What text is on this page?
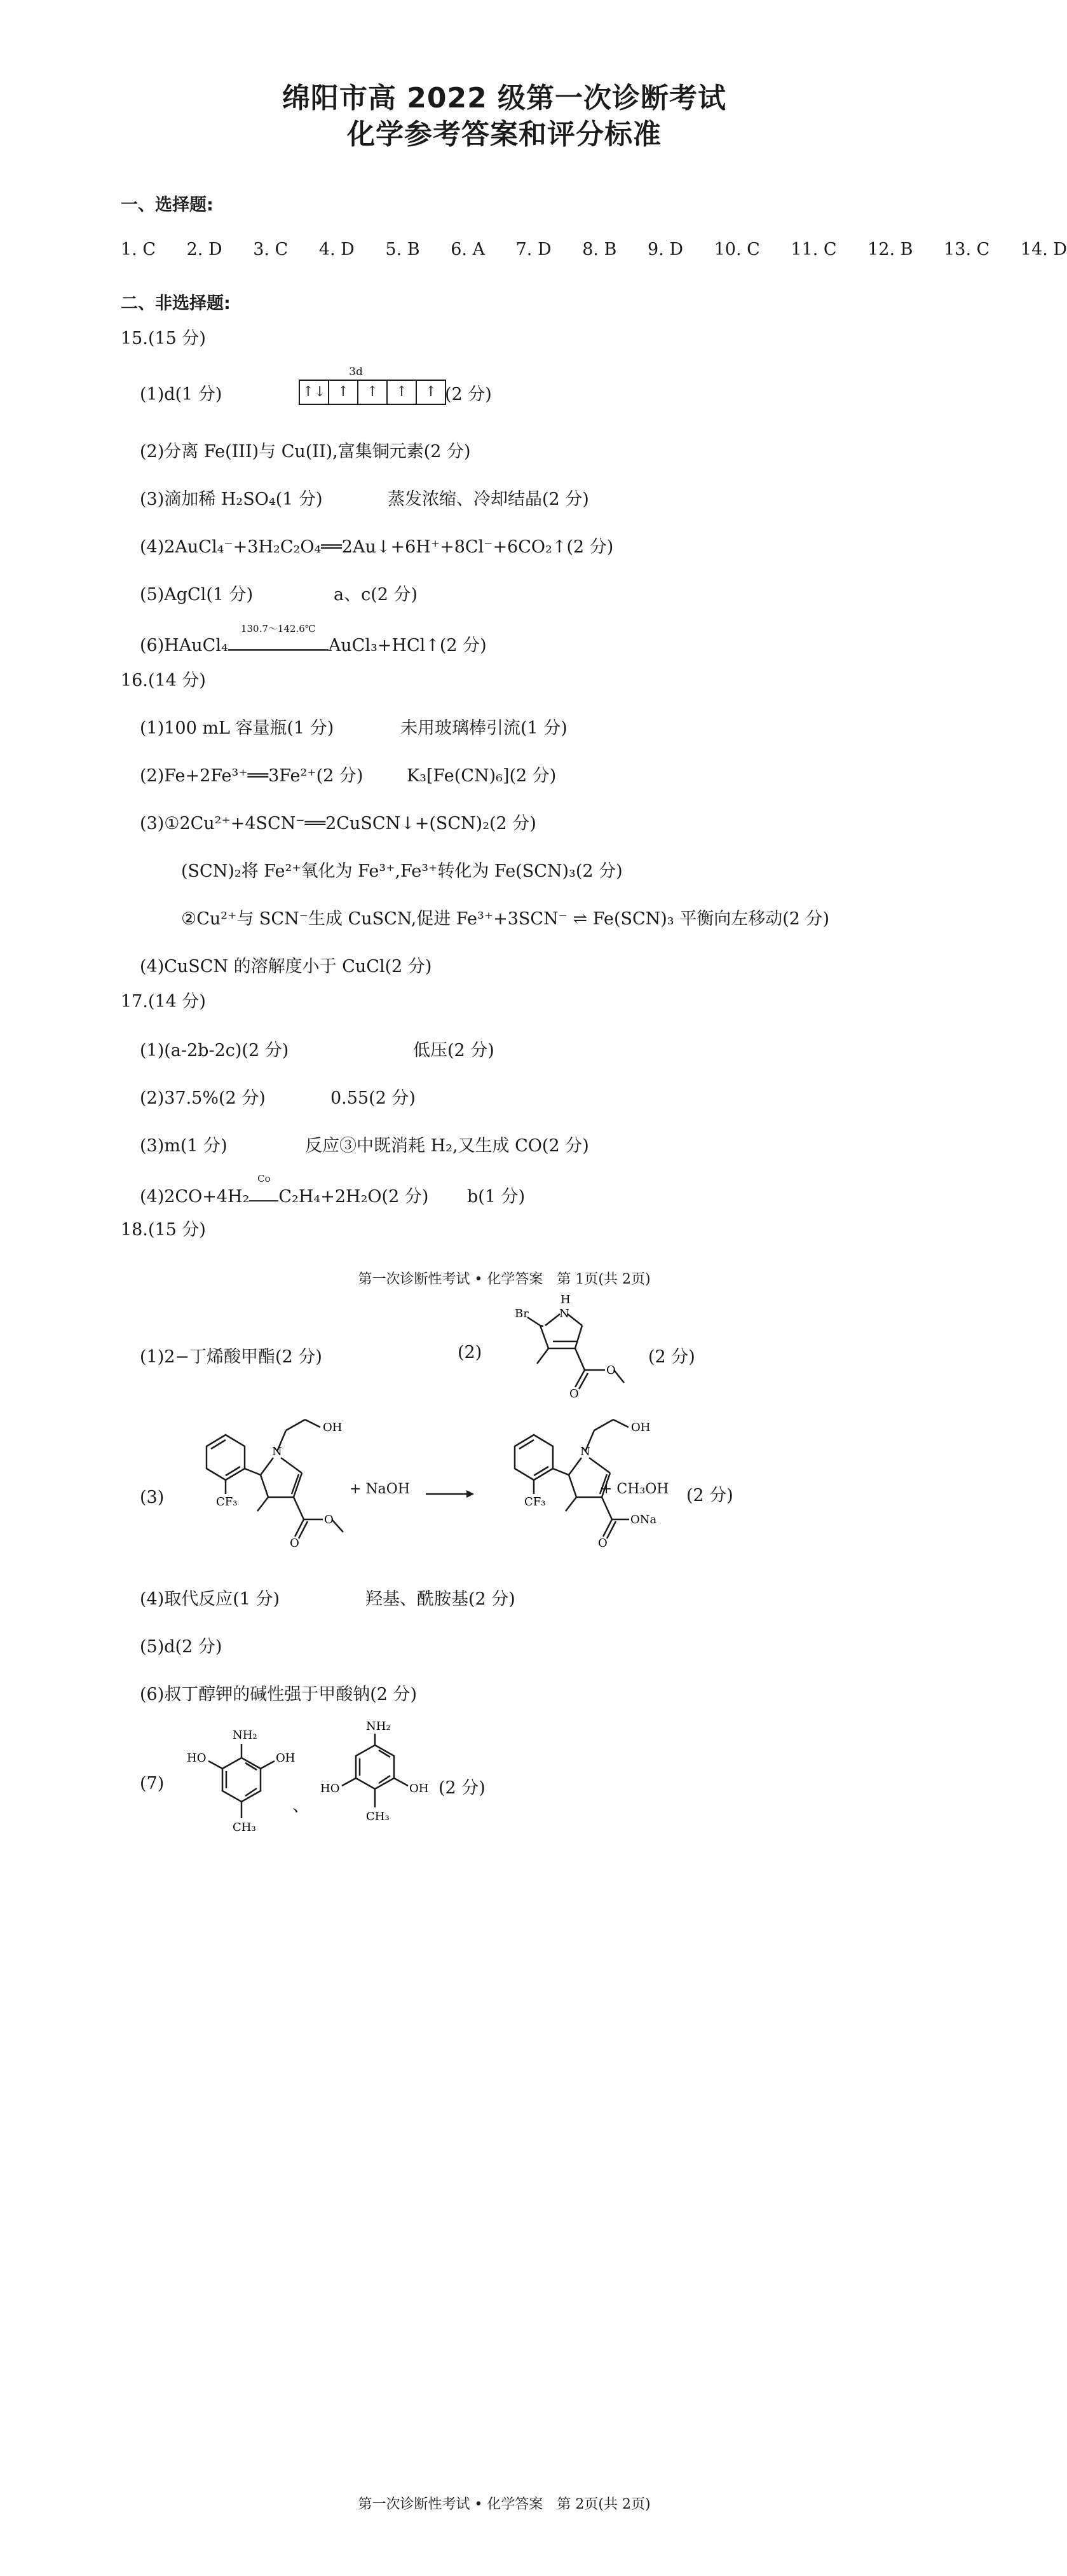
绵阳市高 2022 级第一次诊断考试
化学参考答案和评分标准
一、选择题:
1. C 2. D 3. C 4. D 5. B 6. A 7. D 8. B 9. D 10. C 11. C 12. B 13. C 14. D
二、非选择题:
15.(15 分)
(1)d(1 分)
3d
↑↓ ↑ ↑ ↑ ↑ (2 分)
(2)分离 Fe(III)与 Cu(II),富集铜元素(2 分)
(3)滴加稀 H₂SO₄(1 分)	蒸发浓缩、冷却结晶(2 分)
(4)2AuCl₄⁻+3H₂C₂O₄══2Au↓+6H⁺+8Cl⁻+6CO₂↑(2 分)
(5)AgCl(1 分)	a、c(2 分)
(6)HAuCl₄
130.7～142.6℃
AuCl₃+HCl↑(2 分)
16.(14 分)
(1)100 mL 容量瓶(1 分)	未用玻璃棒引流(1 分)
(2)Fe+2Fe³⁺══3Fe²⁺(2 分)	K₃[Fe(CN)₆](2 分)
(3)①2Cu²⁺+4SCN⁻══2CuSCN↓+(SCN)₂(2 分)
(SCN)₂将 Fe²⁺氧化为 Fe³⁺,Fe³⁺转化为 Fe(SCN)₃(2 分)
②Cu²⁺与 SCN⁻生成 CuSCN,促进 Fe³⁺+3SCN⁻ ⇌ Fe(SCN)₃ 平衡向左移动(2 分)
(4)CuSCN 的溶解度小于 CuCl(2 分)
17.(14 分)
(1)(a-2b-2c)(2 分)	低压(2 分)
(2)37.5%(2 分)	0.55(2 分)
(3)m(1 分)	反应③中既消耗 H₂,又生成 CO(2 分)
(4)2CO+4H₂
Co
C₂H₄+2H₂O(2 分) b(1 分)
18.(15 分)
第一次诊断性考试 • 化学答案　第 1页(共 2页)
(1)2−丁烯酸甲酯(2 分)	(2)
Br
H
N
O
O
(2 分)
(3)
OH
N
CF₃
O
O
+ NaOH
OH
N
CF₃
ONa
O
+ CH₃OH (2 分)
(4)取代反应(1 分)	羟基、酰胺基(2 分)
(5)d(2 分)
(6)叔丁醇钾的碱性强于甲酸钠(2 分)
(7)
NH₂
HO	OH
CH₃
、
NH₂
HO	OH
CH₃
(2 分)
第一次诊断性考试 • 化学答案　第 2页(共 2页)
